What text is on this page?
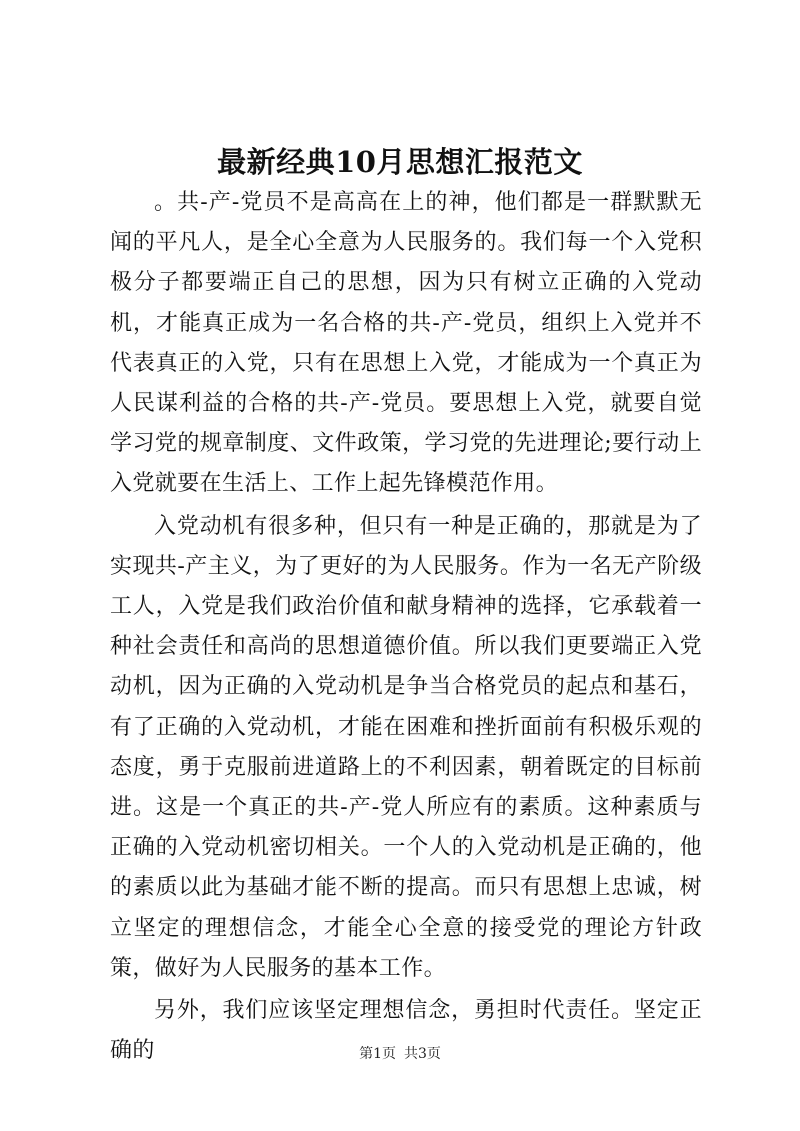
最新经典10月思想汇报范文

。共-产-党员不是高高在上的神，他们都是一群默默无闻的平凡人，是全心全意为人民服务的。我们每一个入党积极分子都要端正自己的思想，因为只有树立正确的入党动机，才能真正成为一名合格的共-产-党员，组织上入党并不代表真正的入党，只有在思想上入党，才能成为一个真正为人民谋利益的合格的共-产-党员。要思想上入党，就要自觉学习党的规章制度、文件政策，学习党的先进理论;要行动上入党就要在生活上、工作上起先锋模范作用。

入党动机有很多种，但只有一种是正确的，那就是为了实现共-产主义，为了更好的为人民服务。作为一名无产阶级工人，入党是我们政治价值和献身精神的选择，它承载着一种社会责任和高尚的思想道德价值。所以我们更要端正入党动机，因为正确的入党动机是争当合格党员的起点和基石，有了正确的入党动机，才能在困难和挫折面前有积极乐观的态度，勇于克服前进道路上的不利因素，朝着既定的目标前进。这是一个真正的共-产-党人所应有的素质。这种素质与正确的入党动机密切相关。一个人的入党动机是正确的，他的素质以此为基础才能不断的提高。而只有思想上忠诚，树立坚定的理想信念，才能全心全意的接受党的理论方针政策，做好为人民服务的基本工作。

另外，我们应该坚定理想信念，勇担时代责任。坚定正确的	第1页 共3页
